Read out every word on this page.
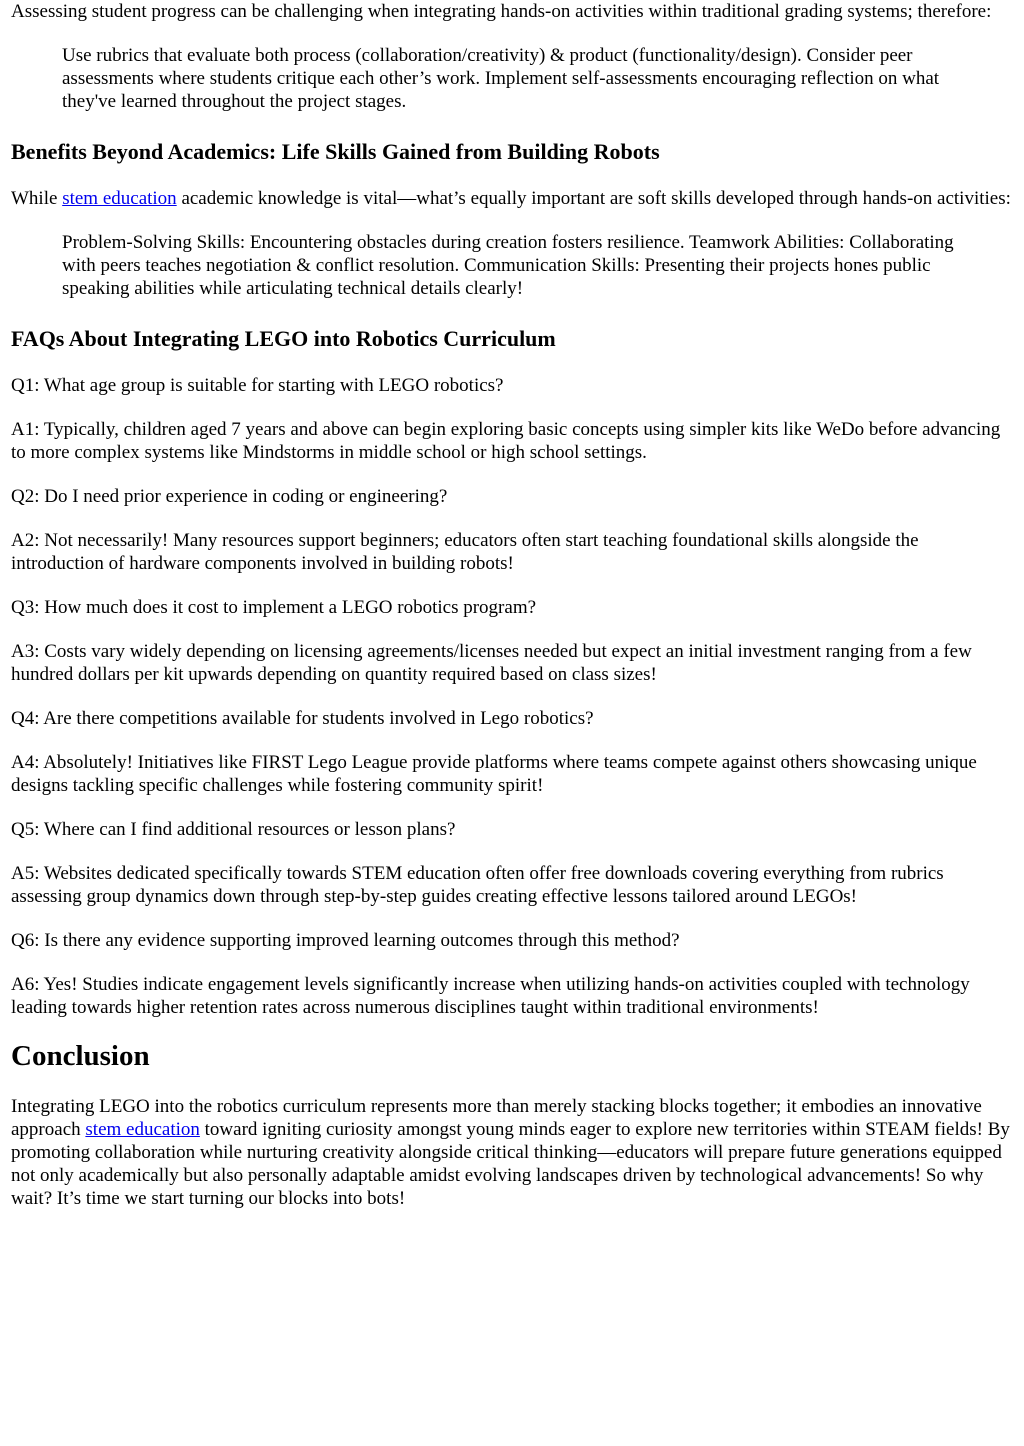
Assessing student progress can be challenging when integrating hands-on activities within traditional grading systems; therefore:

Use rubrics that evaluate both process (collaboration/creativity) & product (functionality/design). Consider peer assessments where students critique each other’s work. Implement self-assessments encouraging reflection on what they've learned throughout the project stages.

Benefits Beyond Academics: Life Skills Gained from Building Robots

While stem education academic knowledge is vital—what’s equally important are soft skills developed through hands-on activities:

Problem-Solving Skills: Encountering obstacles during creation fosters resilience. Teamwork Abilities: Collaborating with peers teaches negotiation & conflict resolution. Communication Skills: Presenting their projects hones public speaking abilities while articulating technical details clearly!

FAQs About Integrating LEGO into Robotics Curriculum

Q1: What age group is suitable for starting with LEGO robotics?

A1: Typically, children aged 7 years and above can begin exploring basic concepts using simpler kits like WeDo before advancing to more complex systems like Mindstorms in middle school or high school settings.

Q2: Do I need prior experience in coding or engineering?

A2: Not necessarily! Many resources support beginners; educators often start teaching foundational skills alongside the introduction of hardware components involved in building robots!

Q3: How much does it cost to implement a LEGO robotics program?

A3: Costs vary widely depending on licensing agreements/licenses needed but expect an initial investment ranging from a few hundred dollars per kit upwards depending on quantity required based on class sizes!

Q4: Are there competitions available for students involved in Lego robotics?

A4: Absolutely! Initiatives like FIRST Lego League provide platforms where teams compete against others showcasing unique designs tackling specific challenges while fostering community spirit!

Q5: Where can I find additional resources or lesson plans?

A5: Websites dedicated specifically towards STEM education often offer free downloads covering everything from rubrics assessing group dynamics down through step-by-step guides creating effective lessons tailored around LEGOs!

Q6: Is there any evidence supporting improved learning outcomes through this method?

A6: Yes! Studies indicate engagement levels significantly increase when utilizing hands-on activities coupled with technology leading towards higher retention rates across numerous disciplines taught within traditional environments!

Conclusion

Integrating LEGO into the robotics curriculum represents more than merely stacking blocks together; it embodies an innovative approach stem education toward igniting curiosity amongst young minds eager to explore new territories within STEAM fields! By promoting collaboration while nurturing creativity alongside critical thinking—educators will prepare future generations equipped not only academically but also personally adaptable amidst evolving landscapes driven by technological advancements! So why wait? It’s time we start turning our blocks into bots!
